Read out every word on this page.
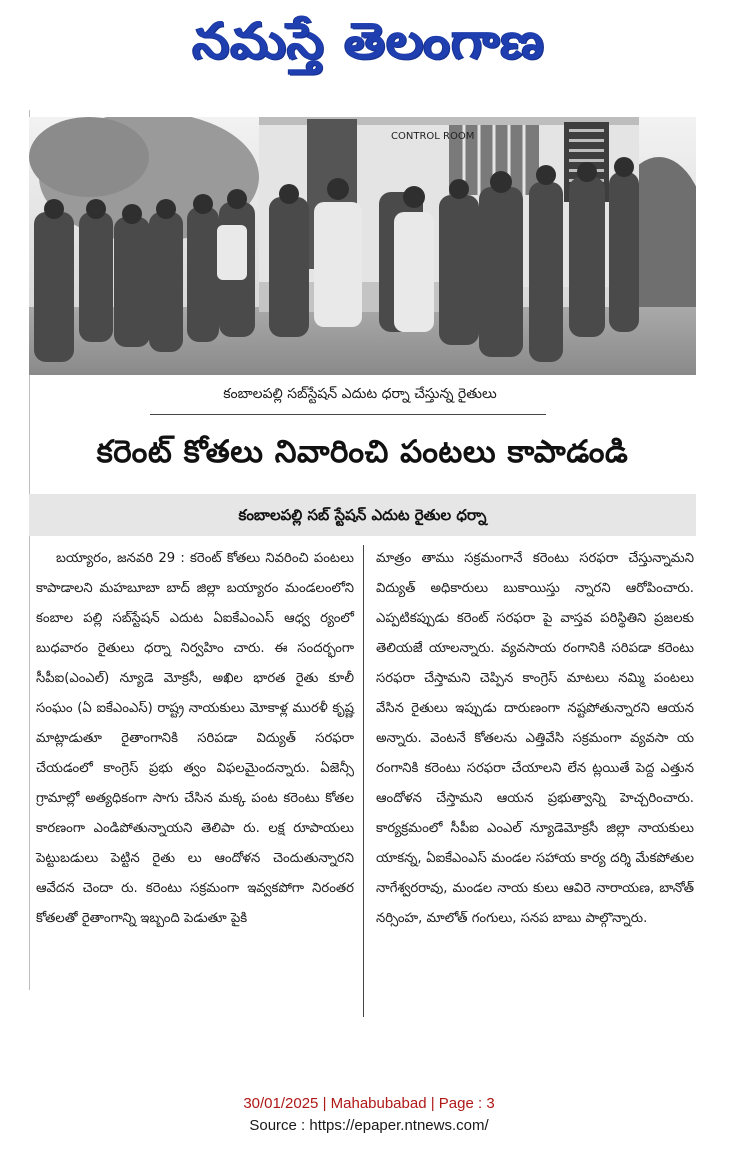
నమస్తే తెలంగాణ
CONTROL ROOM
కంబాలపల్లి సబ్‌స్టేషన్ ఎదుట ధర్నా చేస్తున్న రైతులు
కరెంట్ కోతలు నివారించి పంటలు కాపాడండి
కంబాలపల్లి సబ్ స్టేషన్ ఎదుట రైతుల ధర్నా
బయ్యారం, జనవరి 29 : కరెంట్ కోతలు నివరించి పంటలు కాపాడాలని మహబూబా బాద్ జిల్లా బయ్యారం మండలంలోని కంబాల పల్లి సబ్‌స్టేషన్ ఎదుట ఏఐకేఎంఎస్ ఆధ్వ ర్యంలో బుధవారం రైతులు ధర్నా నిర్వహిం చారు. ఈ సందర్భంగా సీపీఐ(ఎంఎల్) న్యూడె మోక్రసీ, అఖిల భారత రైతు కూలీ సంఘం (ఏ ఐకేఎంఎస్) రాష్ట్ర నాయకులు మోకాళ్ల మురళీ కృష్ణ మాట్లాడుతూ రైతాంగానికి సరిపడా విద్యుత్ సరఫరా చేయడంలో కాంగ్రెస్ ప్రభు త్వం విఫలమైందన్నారు. ఏజెన్సీ గ్రామాల్లో అత్యధికంగా సాగు చేసిన మక్క పంట కరెంటు కోతల కారణంగా ఎండిపోతున్నాయని తెలిపా రు. లక్ష రూపాయలు పెట్టుబడులు పెట్టిన రైతు లు ఆందోళన చెందుతున్నారని ఆవేదన చెందా రు. కరెంటు సక్రమంగా ఇవ్వకపోగా నిరంతర కోతలతో రైతాంగాన్ని ఇబ్బంది పెడుతూ పైకి
మాత్రం తాము సక్రమంగానే కరెంటు సరఫరా చేస్తున్నామని విద్యుత్ అధికారులు బుకాయిస్తు న్నారని ఆరోపించారు. ఎప్పటికప్పుడు కరెంట్ సరఫరా పై వాస్తవ పరిస్థితిని ప్రజలకు తెలియజేె యాలన్నారు. వ్యవసాయ రంగానికి సరిపడా కరెంటు సరఫరా చేస్తామని చెప్పిన కాంగ్రెస్ మాటలు నమ్మి పంటలు వేసిన రైతులు ఇప్పుడు దారుణంగా నష్టపోతున్నారని ఆయన అన్నారు. వెంటనే కోతలను ఎత్తివేసి సక్రమంగా వ్యవసా య రంగానికి కరెంటు సరఫరా చేయాలని లేన ట్లయితే పెద్ద ఎత్తున ఆందోళన చేస్తామని ఆయన ప్రభుత్వాన్ని హెచ్చరించారు. కార్యక్రమంలో సీపీఐ ఎంఎల్ న్యూడెమోక్రసీ జిల్లా నాయకులు యాకన్న, ఏఐకేఎంఎస్ మండల సహాయ కార్య దర్శి మేకపోతుల నాగేశ్వరరావు, మండల నాయ కులు ఆవిరె నారాయణ, బానోత్ నర్సింహ, మాలోత్ గంగులు, సనప బాబు పాల్గొన్నారు.
30/01/2025 | Mahabubabad | Page : 3
Source : https://epaper.ntnews.com/
